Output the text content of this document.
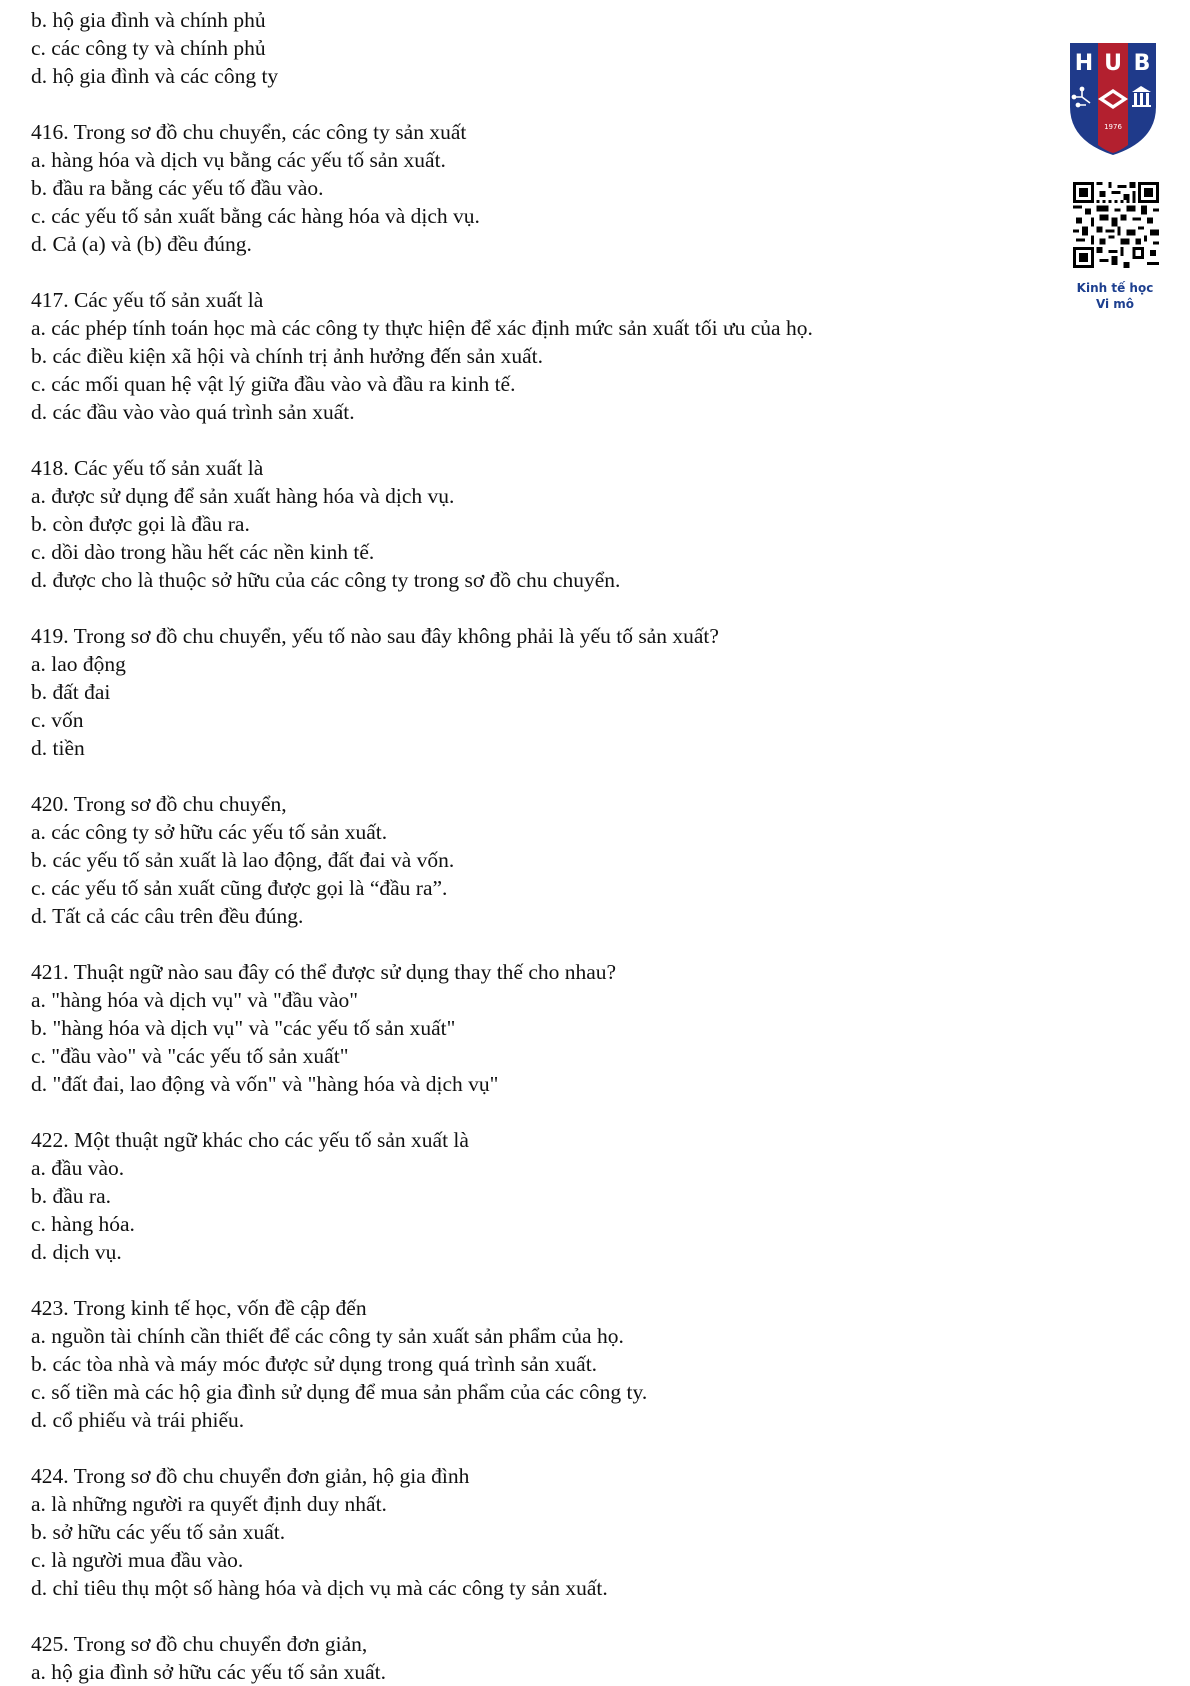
b. hộ gia đình và chính phủ
c. các công ty và chính phủ
d. hộ gia đình và các công ty
416. Trong sơ đồ chu chuyển, các công ty sản xuất
a. hàng hóa và dịch vụ bằng các yếu tố sản xuất.
b. đầu ra bằng các yếu tố đầu vào.
c. các yếu tố sản xuất bằng các hàng hóa và dịch vụ.
d. Cả (a) và (b) đều đúng.
417. Các yếu tố sản xuất là
a. các phép tính toán học mà các công ty thực hiện để xác định mức sản xuất tối ưu của họ.
b. các điều kiện xã hội và chính trị ảnh hưởng đến sản xuất.
c. các mối quan hệ vật lý giữa đầu vào và đầu ra kinh tế.
d. các đầu vào vào quá trình sản xuất.
418. Các yếu tố sản xuất là
a. được sử dụng để sản xuất hàng hóa và dịch vụ.
b. còn được gọi là đầu ra.
c. dồi dào trong hầu hết các nền kinh tế.
d. được cho là thuộc sở hữu của các công ty trong sơ đồ chu chuyển.
419. Trong sơ đồ chu chuyển, yếu tố nào sau đây không phải là yếu tố sản xuất?
a. lao động
b. đất đai
c. vốn
d. tiền
420. Trong sơ đồ chu chuyển,
a. các công ty sở hữu các yếu tố sản xuất.
b. các yếu tố sản xuất là lao động, đất đai và vốn.
c. các yếu tố sản xuất cũng được gọi là “đầu ra”.
d. Tất cả các câu trên đều đúng.
421. Thuật ngữ nào sau đây có thể được sử dụng thay thế cho nhau?
a. "hàng hóa và dịch vụ" và "đầu vào"
b. "hàng hóa và dịch vụ" và "các yếu tố sản xuất"
c. "đầu vào" và "các yếu tố sản xuất"
d. "đất đai, lao động và vốn" và "hàng hóa và dịch vụ"
422. Một thuật ngữ khác cho các yếu tố sản xuất là
a. đầu vào.
b. đầu ra.
c. hàng hóa.
d. dịch vụ.
423. Trong kinh tế học, vốn đề cập đến
a. nguồn tài chính cần thiết để các công ty sản xuất sản phẩm của họ.
b. các tòa nhà và máy móc được sử dụng trong quá trình sản xuất.
c. số tiền mà các hộ gia đình sử dụng để mua sản phẩm của các công ty.
d. cổ phiếu và trái phiếu.
424. Trong sơ đồ chu chuyển đơn giản, hộ gia đình
a. là những người ra quyết định duy nhất.
b. sở hữu các yếu tố sản xuất.
c. là người mua đầu vào.
d. chỉ tiêu thụ một số hàng hóa và dịch vụ mà các công ty sản xuất.
425. Trong sơ đồ chu chuyển đơn giản,
a. hộ gia đình sở hữu các yếu tố sản xuất.
H U B
1976
Kinh tế học
Vi mô
